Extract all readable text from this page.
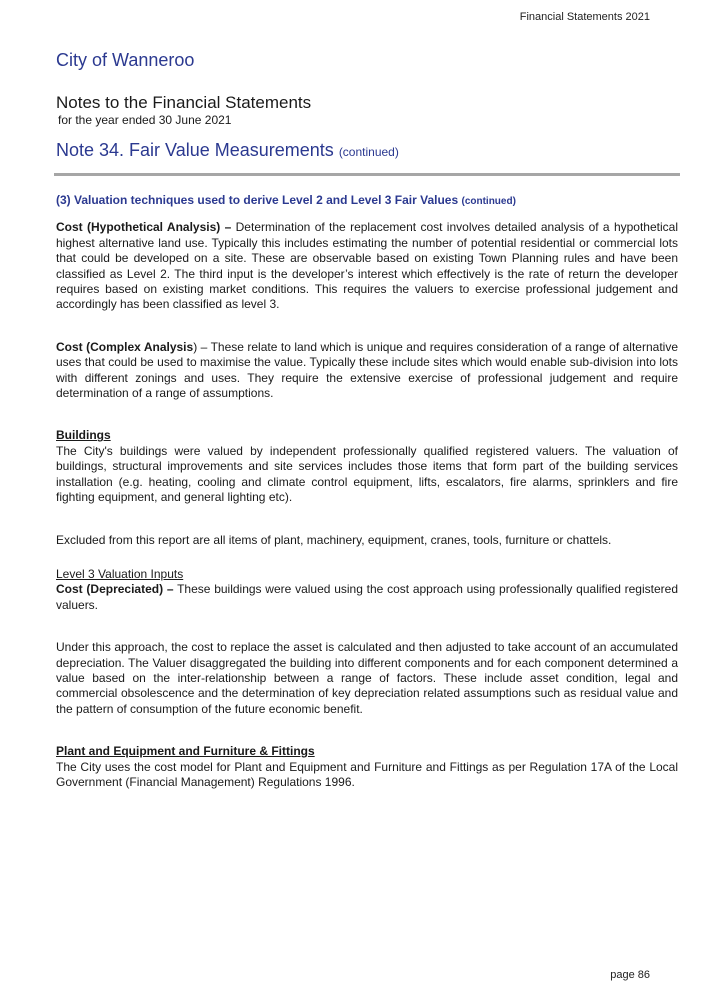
Financial Statements 2021
City of Wanneroo
Notes to the Financial Statements
for the year ended 30 June 2021
Note 34. Fair Value Measurements (continued)
(3) Valuation techniques used to derive Level 2 and Level 3 Fair Values (continued)

Cost (Hypothetical Analysis) – Determination of the replacement cost involves detailed analysis of a hypothetical highest alternative land use. Typically this includes estimating the number of potential residential or commercial lots that could be developed on a site. These are observable based on existing Town Planning rules and have been classified as Level 2. The third input is the developer’s interest which effectively is the rate of return the developer requires based on existing market conditions. This requires the valuers to exercise professional judgement and accordingly has been classified as level 3.

Cost (Complex Analysis) – These relate to land which is unique and requires consideration of a range of alternative uses that could be used to maximise the value. Typically these include sites which would enable sub-division into lots with different zonings and uses. They require the extensive exercise of professional judgement and require determination of a range of assumptions.

Buildings

The City's buildings were valued by independent professionally qualified registered valuers. The valuation of buildings, structural improvements and site services includes those items that form part of the building services installation (e.g. heating, cooling and climate control equipment, lifts, escalators, fire alarms, sprinklers and fire fighting equipment, and general lighting etc).

Excluded from this report are all items of plant, machinery, equipment, cranes, tools, furniture or chattels.

Level 3 Valuation Inputs

Cost (Depreciated) – These buildings were valued using the cost approach using professionally qualified registered valuers.

Under this approach, the cost to replace the asset is calculated and then adjusted to take account of an accumulated depreciation. The Valuer disaggregated the building into different components and for each component determined a value based on the inter-relationship between a range of factors. These include asset condition, legal and commercial obsolescence and the determination of key depreciation related assumptions such as residual value and the pattern of consumption of the future economic benefit.

Plant and Equipment and Furniture & Fittings

The City uses the cost model for Plant and Equipment and Furniture and Fittings as per Regulation 17A of the Local Government (Financial Management) Regulations 1996.

page 86
